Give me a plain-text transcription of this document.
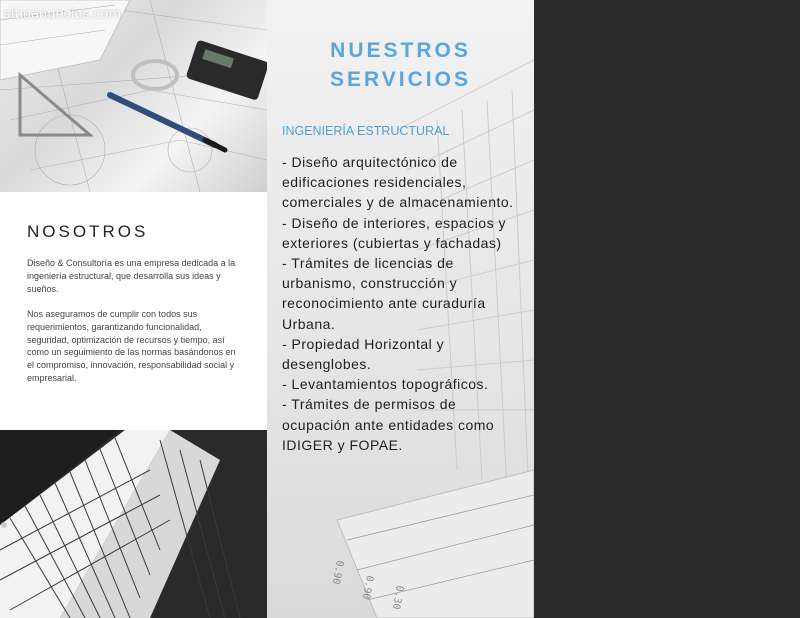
sitioanuncios.com
NOSOTROS

Diseño & Consultoría es una empresa dedicada a la ingeniería estructural, que desarrolla sus ideas y sueños.

Nos aseguramos de cumplir con todos sus requerimientos, garantizando funcionalidad, seguridad, optimización de recursos y tiempo, así como un seguimiento de las normas basándonos en el compromiso, innovación, responsabilidad social y empresarial.

0.90
0.90 0.30
NUESTROS
SERVICIOS

INGENIERÍA ESTRUCTURAL

- Diseño arquitectónico de edificaciones residenciales, comerciales y de almacenamiento.
- Diseño de interiores, espacios y exteriores (cubiertas y fachadas)
- Trámites de licencias de urbanismo, construcción y reconocimiento ante curaduría Urbana.
- Propiedad Horizontal y desenglobes.
- Levantamientos topográficos.
- Trámites de permisos de ocupación ante entidades como IDIGER y FOPAE.
